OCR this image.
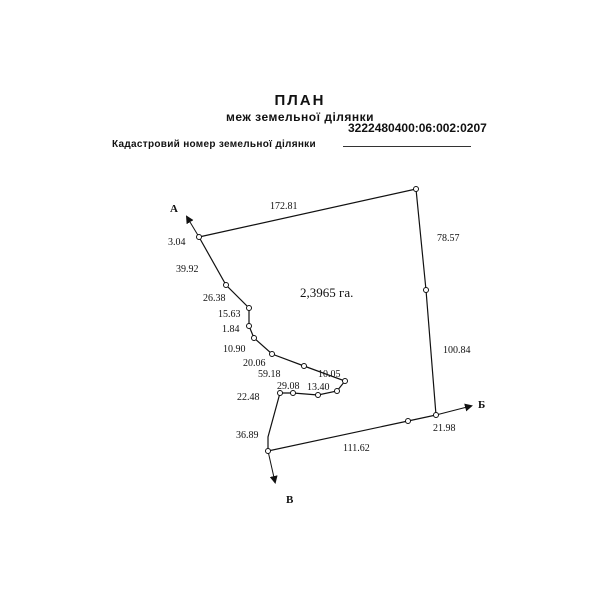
ПЛАН
меж земельної ділянки
3222480400:06:002:0207
Кадастровий номер земельної ділянки
2,3965 га.
А
Б
В
172.81
78.57
100.84
3.04
39.92
26.38
15.63
1.84
10.90
20.06
59.18	10.05
29.08 13.40
22.48
36.89
111.62
21.98
